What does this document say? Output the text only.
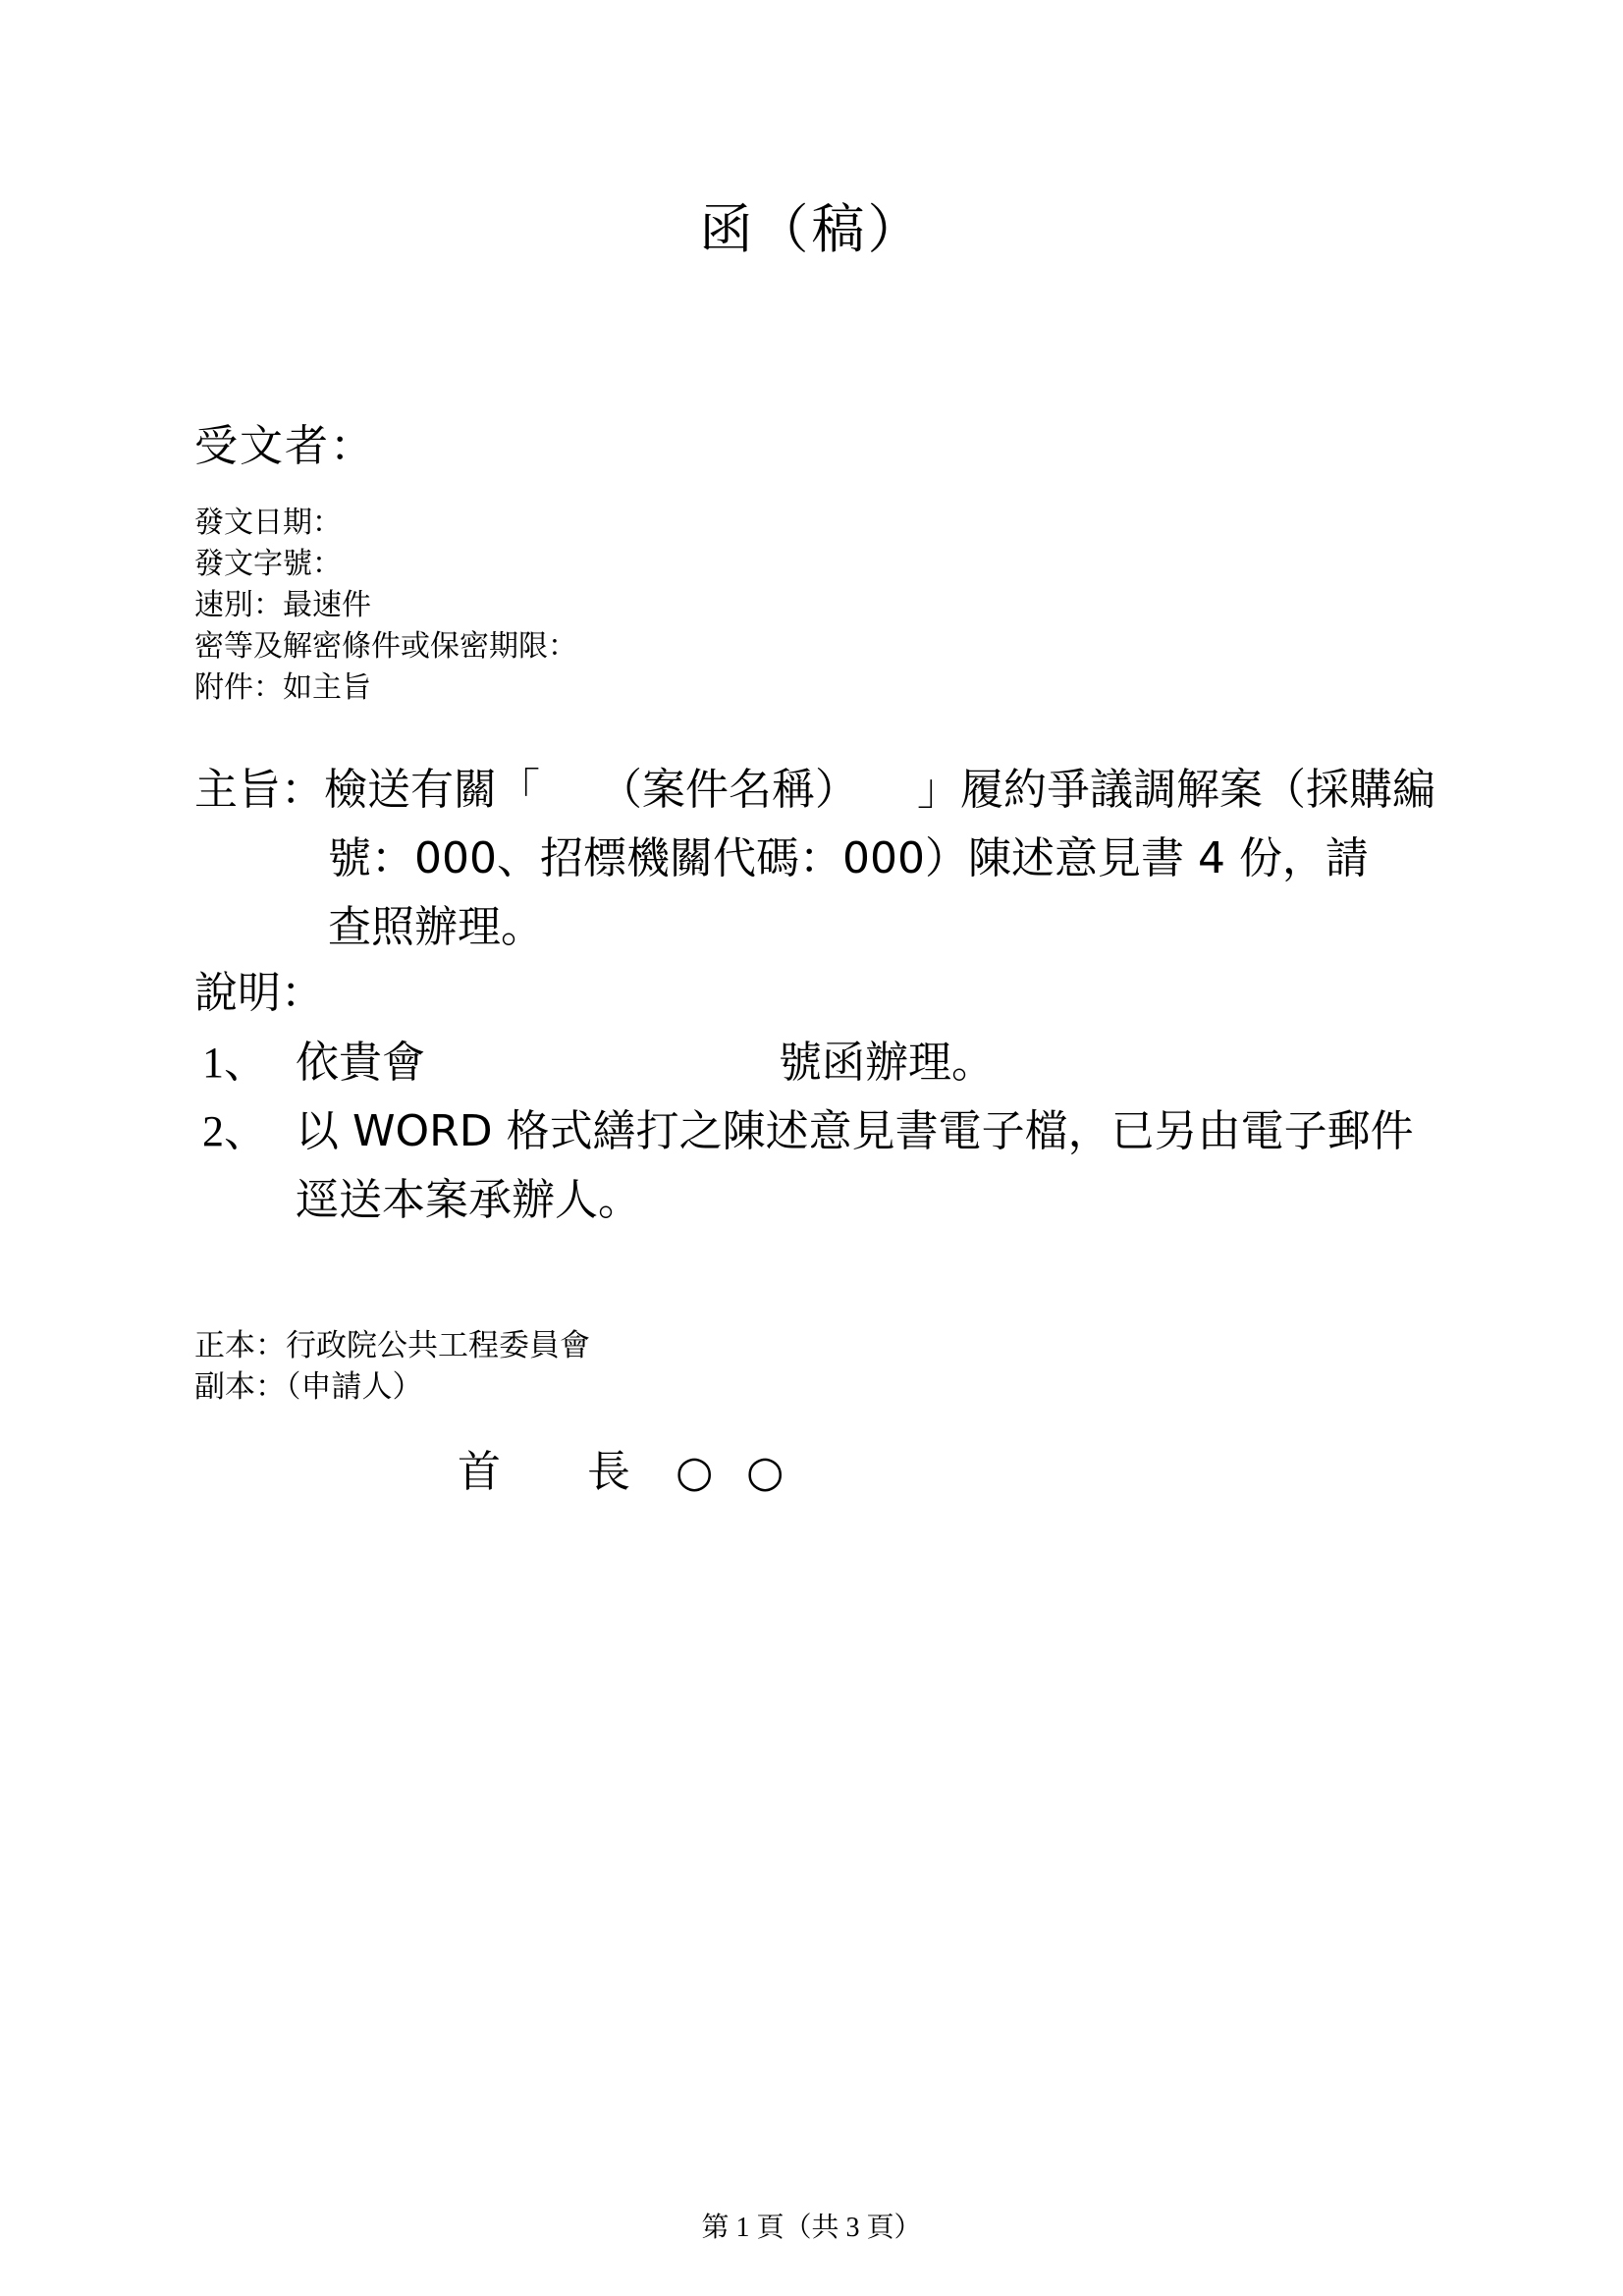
函（稿）
受文者：
發文日期：
發文字號：
速別：最速件
密等及解密條件或保密期限：
附件：如主旨
主旨：檢送有關「 （案件名稱） 」履約爭議調解案（採購編
號：000、招標機關代碼：000）陳述意見書 4 份，請
查照辦理。
說明：
1、 依貴會	號函辦理。
2、 以 WORD 格式繕打之陳述意見書電子檔，已另由電子郵件
逕送本案承辦人。
正本：行政院公共工程委員會
副本：（申請人）
首 長 ○ ○
第 1 頁（共 3 頁）
